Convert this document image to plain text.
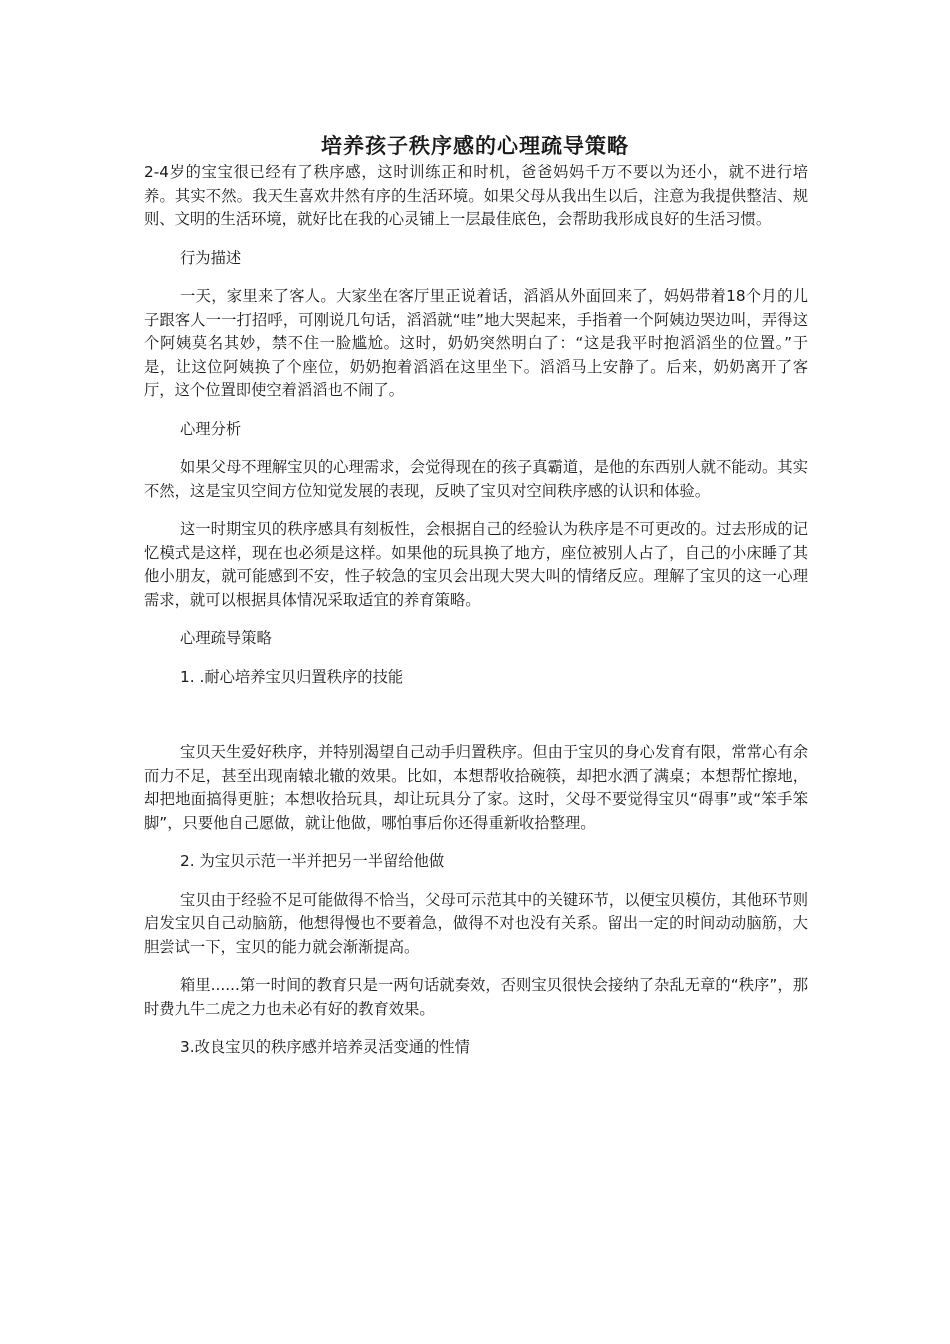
培养孩子秩序感的心理疏导策略

2-4岁的宝宝很已经有了秩序感，这时训练正和时机，爸爸妈妈千万不要以为还小，就不进行培养。其实不然。我天生喜欢井然有序的生活环境。如果父母从我出生以后，注意为我提供整洁、规则、文明的生活环境，就好比在我的心灵铺上一层最佳底色，会帮助我形成良好的生活习惯。

行为描述

一天，家里来了客人。大家坐在客厅里正说着话，滔滔从外面回来了，妈妈带着18个月的儿子跟客人一一打招呼，可刚说几句话，滔滔就“哇”地大哭起来，手指着一个阿姨边哭边叫，弄得这个阿姨莫名其妙，禁不住一脸尴尬。这时，奶奶突然明白了：“这是我平时抱滔滔坐的位置。”于是，让这位阿姨换了个座位，奶奶抱着滔滔在这里坐下。滔滔马上安静了。后来，奶奶离开了客厅，这个位置即使空着滔滔也不闹了。

心理分析

如果父母不理解宝贝的心理需求，会觉得现在的孩子真霸道，是他的东西别人就不能动。其实不然，这是宝贝空间方位知觉发展的表现，反映了宝贝对空间秩序感的认识和体验。

这一时期宝贝的秩序感具有刻板性，会根据自己的经验认为秩序是不可更改的。过去形成的记忆模式是这样，现在也必须是这样。如果他的玩具换了地方，座位被别人占了，自己的小床睡了其他小朋友，就可能感到不安，性子较急的宝贝会出现大哭大叫的情绪反应。理解了宝贝的这一心理需求，就可以根据具体情况采取适宜的养育策略。

心理疏导策略

1. .耐心培养宝贝归置秩序的技能

宝贝天生爱好秩序，并特别渴望自己动手归置秩序。但由于宝贝的身心发育有限，常常心有余而力不足，甚至出现南辕北辙的效果。比如，本想帮收拾碗筷，却把水洒了满桌；本想帮忙擦地，却把地面搞得更脏；本想收拾玩具，却让玩具分了家。这时，父母不要觉得宝贝“碍事”或“笨手笨脚”，只要他自己愿做，就让他做，哪怕事后你还得重新收拾整理。

2. 为宝贝示范一半并把另一半留给他做

宝贝由于经验不足可能做得不恰当，父母可示范其中的关键环节，以便宝贝模仿，其他环节则启发宝贝自己动脑筋，他想得慢也不要着急，做得不对也没有关系。留出一定的时间动动脑筋，大胆尝试一下，宝贝的能力就会渐渐提高。

箱里......第一时间的教育只是一两句话就奏效，否则宝贝很快会接纳了杂乱无章的“秩序”，那时费九牛二虎之力也未必有好的教育效果。

3.改良宝贝的秩序感并培养灵活变通的性情
